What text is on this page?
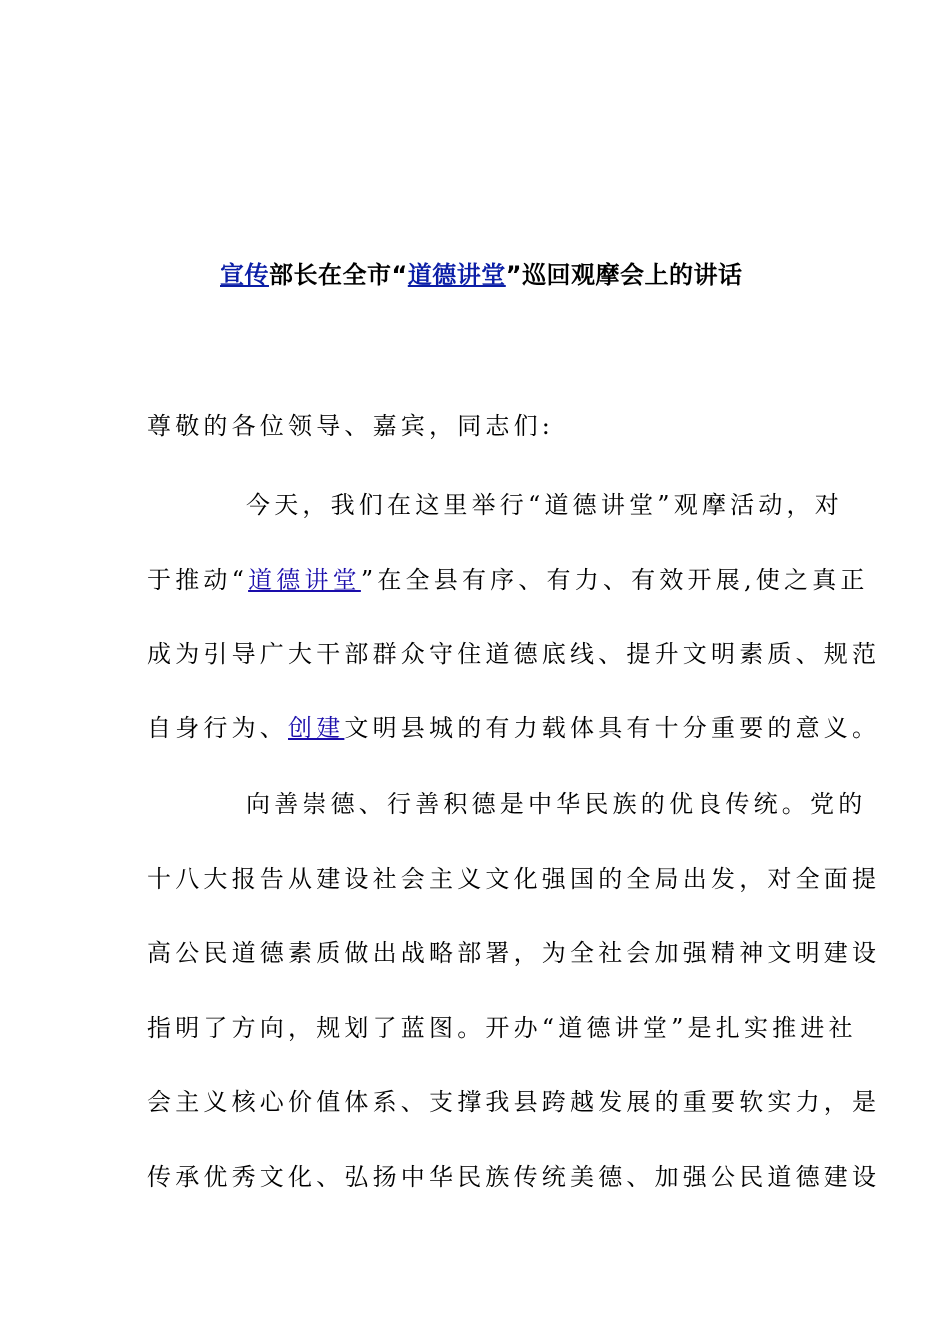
宣传部长在全市“道德讲堂”巡回观摩会上的讲话
尊敬的各位领导、嘉宾，同志们:
今天，我们在这里举行“道德讲堂”观摩活动，对
于推动“道德讲堂”在全县有序、有力、有效开展,使之真正
成为引导广大干部群众守住道德底线、提升文明素质、规范
自身行为、创建文明县城的有力载体具有十分重要的意义。
向善崇德、行善积德是中华民族的优良传统。党的
十八大报告从建设社会主义文化强国的全局出发，对全面提
高公民道德素质做出战略部署，为全社会加强精神文明建设
指明了方向，规划了蓝图。开办“道德讲堂”是扎实推进社
会主义核心价值体系、支撑我县跨越发展的重要软实力，是
传承优秀文化、弘扬中华民族传统美德、加强公民道德建设
